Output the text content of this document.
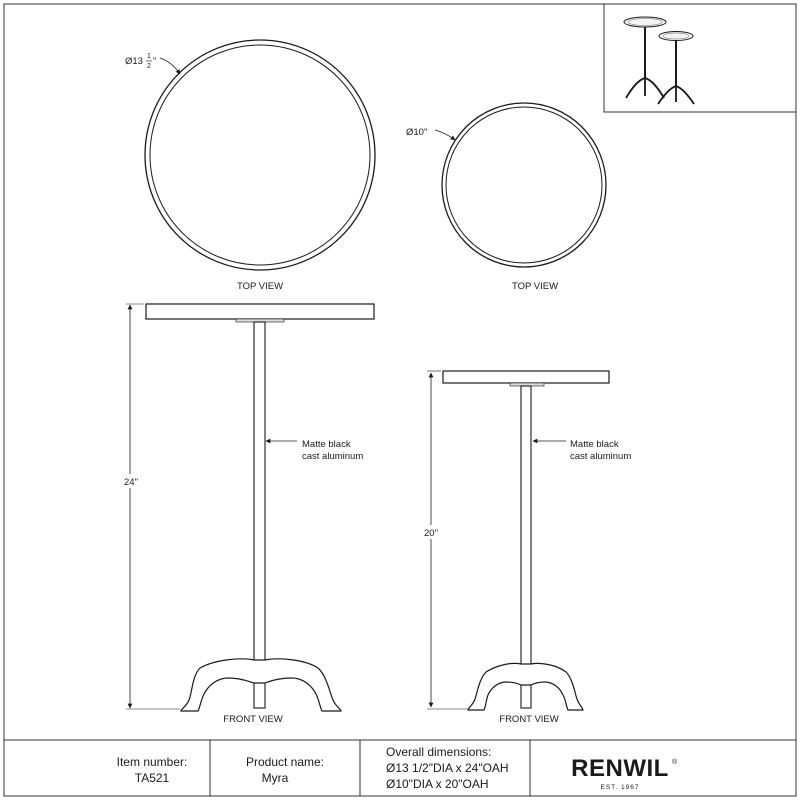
Ø13 1
2 "
TOP VIEW
Ø10"
TOP VIEW
24"
Matte black
cast aluminum
FRONT VIEW
20"
Matte black
cast aluminum
FRONT VIEW
Item number:
TA521
Product name:
Myra
Overall dimensions:
Ø13 1/2"DIA x 24"OAH
Ø10"DIA x 20"OAH
RENWIL ®
EST. 1967
